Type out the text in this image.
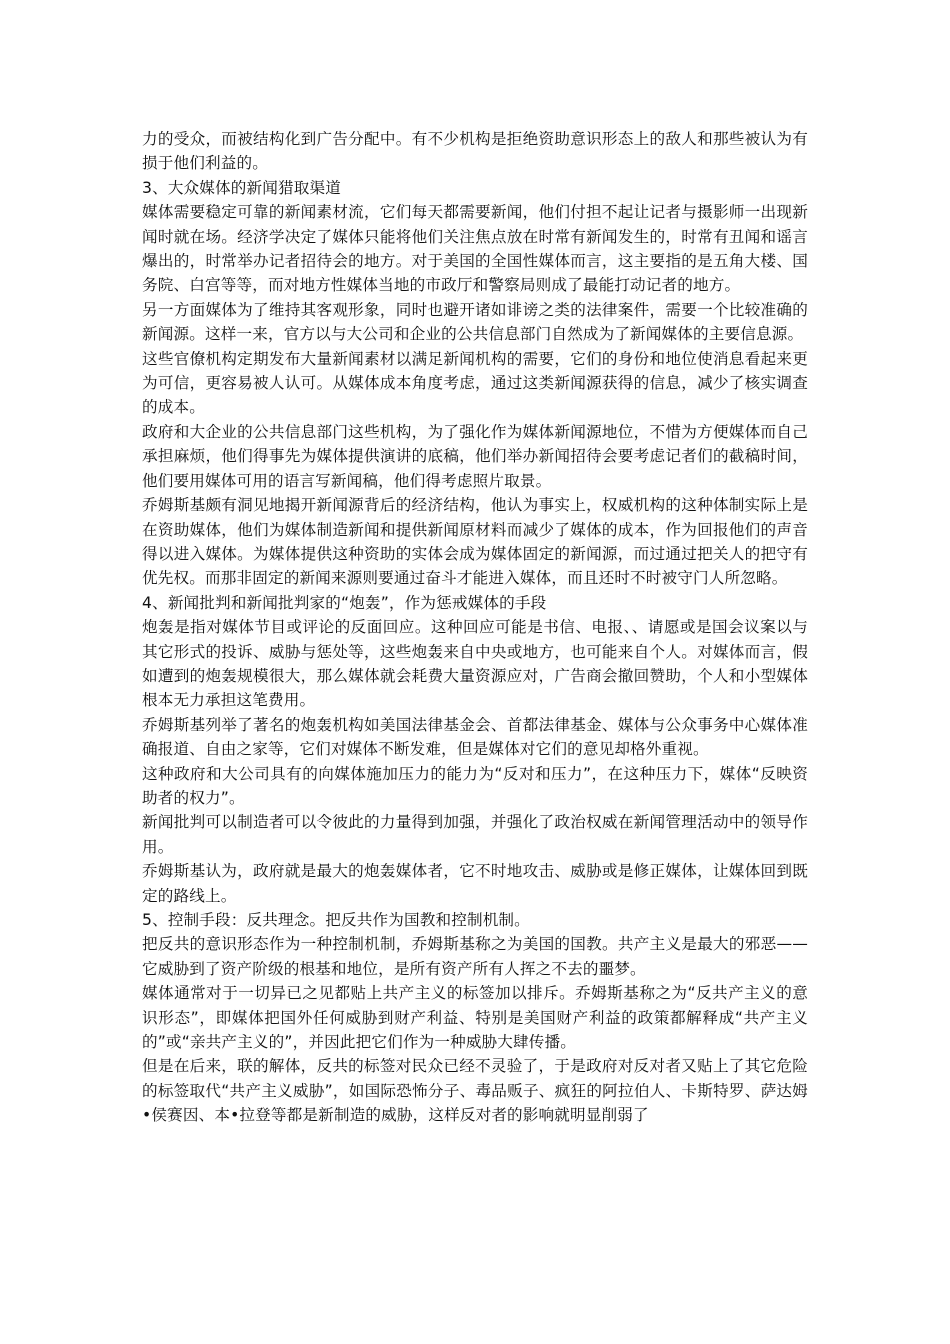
力的受众，而被结构化到广告分配中。有不少机构是拒绝资助意识形态上的敌人和那些被认为有损于他们利益的。

3、大众媒体的新闻猎取渠道

媒体需要稳定可靠的新闻素材流，它们每天都需要新闻，他们付担不起让记者与摄影师一出现新闻时就在场。经济学决定了媒体只能将他们关注焦点放在时常有新闻发生的，时常有丑闻和谣言爆出的，时常举办记者招待会的地方。对于美国的全国性媒体而言，这主要指的是五角大楼、国务院、白宫等等，而对地方性媒体当地的市政厅和警察局则成了最能打动记者的地方。

另一方面媒体为了维持其客观形象，同时也避开诸如诽谤之类的法律案件，需要一个比较准确的新闻源。这样一来，官方以与大公司和企业的公共信息部门自然成为了新闻媒体的主要信息源。

这些官僚机构定期发布大量新闻素材以满足新闻机构的需要，它们的身份和地位使消息看起来更为可信，更容易被人认可。从媒体成本角度考虑，通过这类新闻源获得的信息，减少了核实调查的成本。

政府和大企业的公共信息部门这些机构，为了强化作为媒体新闻源地位，不惜为方便媒体而自己承担麻烦，他们得事先为媒体提供演讲的底稿，他们举办新闻招待会要考虑记者们的截稿时间，他们要用媒体可用的语言写新闻稿，他们得考虑照片取景。

乔姆斯基颇有洞见地揭开新闻源背后的经济结构，他认为事实上，权威机构的这种体制实际上是在资助媒体，他们为媒体制造新闻和提供新闻原材料而减少了媒体的成本，作为回报他们的声音得以进入媒体。为媒体提供这种资助的实体会成为媒体固定的新闻源，而过通过把关人的把守有优先权。而那非固定的新闻来源则要通过奋斗才能进入媒体，而且还时不时被守门人所忽略。

4、新闻批判和新闻批判家的“炮轰”，作为惩戒媒体的手段

炮轰是指对媒体节目或评论的反面回应。这种回应可能是书信、电报、、请愿或是国会议案以与其它形式的投诉、威胁与惩处等，这些炮轰来自中央或地方，也可能来自个人。对媒体而言，假如遭到的炮轰规模很大，那么媒体就会耗费大量资源应对，广告商会撤回赞助，个人和小型媒体根本无力承担这笔费用。

乔姆斯基列举了著名的炮轰机构如美国法律基金会、首都法律基金、媒体与公众事务中心媒体准确报道、自由之家等，它们对媒体不断发难，但是媒体对它们的意见却格外重视。

这种政府和大公司具有的向媒体施加压力的能力为“反对和压力”，在这种压力下，媒体“反映资助者的权力”。

新闻批判可以制造者可以令彼此的力量得到加强，并强化了政治权威在新闻管理活动中的领导作用。

乔姆斯基认为，政府就是最大的炮轰媒体者，它不时地攻击、威胁或是修正媒体，让媒体回到既定的路线上。

5、控制手段：反共理念。把反共作为国教和控制机制。

把反共的意识形态作为一种控制机制，乔姆斯基称之为美国的国教。共产主义是最大的邪恶——它威胁到了资产阶级的根基和地位，是所有资产所有人挥之不去的噩梦。

媒体通常对于一切异已之见都贴上共产主义的标签加以排斥。乔姆斯基称之为“反共产主义的意识形态”，即媒体把国外任何威胁到财产利益、特别是美国财产利益的政策都解释成“共产主义的”或“亲共产主义的”，并因此把它们作为一种威胁大肆传播。

但是在后来，联的解体，反共的标签对民众已经不灵验了，于是政府对反对者又贴上了其它危险的标签取代“共产主义威胁”，如国际恐怖分子、毒品贩子、疯狂的阿拉伯人、卡斯特罗、萨达姆•侯赛因、本•拉登等都是新制造的威胁，这样反对者的影响就明显削弱了
